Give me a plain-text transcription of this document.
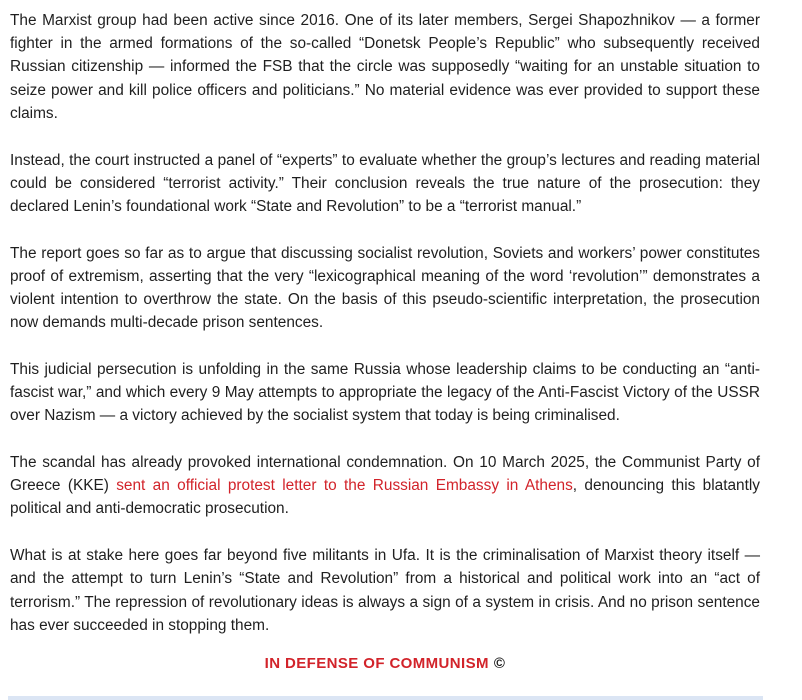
The Marxist group had been active since 2016. One of its later members, Sergei Shapozhnikov — a former fighter in the armed formations of the so-called “Donetsk People’s Republic” who subsequently received Russian citizenship — informed the FSB that the circle was supposedly “waiting for an unstable situation to seize power and kill police officers and politicians.” No material evidence was ever provided to support these claims.

Instead, the court instructed a panel of “experts” to evaluate whether the group’s lectures and reading material could be considered “terrorist activity.” Their conclusion reveals the true nature of the prosecution: they declared Lenin’s foundational work “State and Revolution” to be a “terrorist manual.”

The report goes so far as to argue that discussing socialist revolution, Soviets and workers’ power constitutes proof of extremism, asserting that the very “lexicographical meaning of the word ‘revolution’” demonstrates a violent intention to overthrow the state. On the basis of this pseudo-scientific interpretation, the prosecution now demands multi-decade prison sentences.

This judicial persecution is unfolding in the same Russia whose leadership claims to be conducting an “anti-fascist war,” and which every 9 May attempts to appropriate the legacy of the Anti-Fascist Victory of the USSR over Nazism — a victory achieved by the socialist system that today is being criminalised.

The scandal has already provoked international condemnation. On 10 March 2025, the Communist Party of Greece (KKE) sent an official protest letter to the Russian Embassy in Athens, denouncing this blatantly political and anti-democratic prosecution.

What is at stake here goes far beyond five militants in Ufa. It is the criminalisation of Marxist theory itself — and the attempt to turn Lenin’s “State and Revolution” from a historical and political work into an “act of terrorism.” The repression of revolutionary ideas is always a sign of a system in crisis. And no prison sentence has ever succeeded in stopping them.

IN DEFENSE OF COMMUNISM ©
